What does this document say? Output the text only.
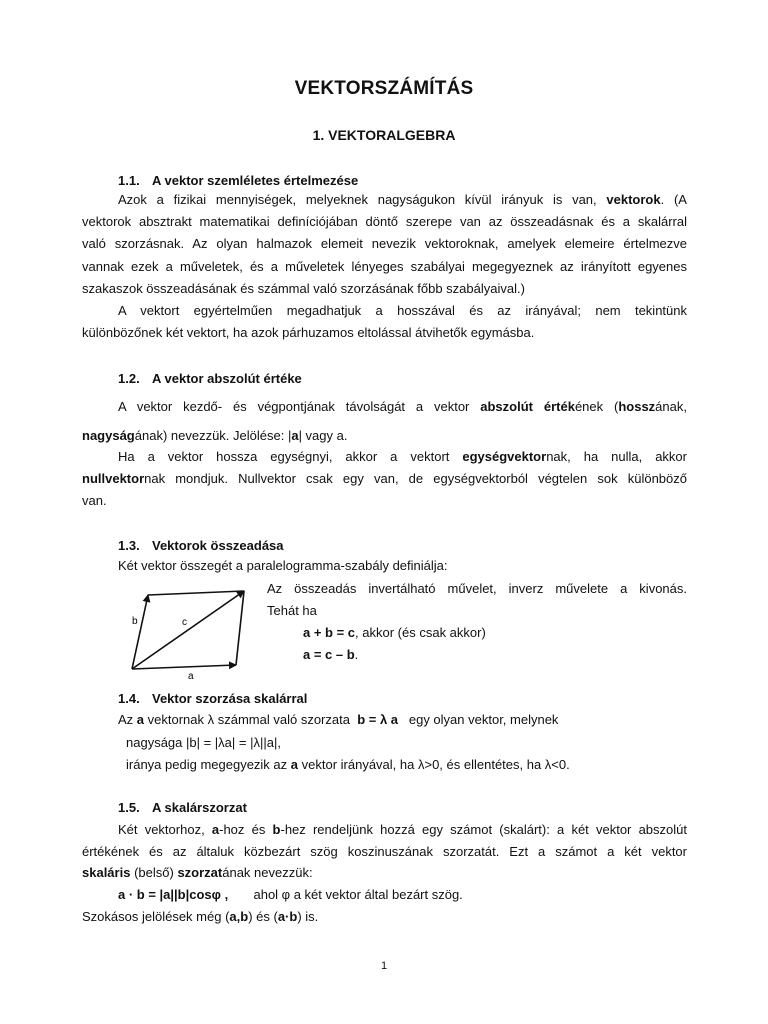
VEKTORSZÁMÍTÁS
1. VEKTORALGEBRA
1.1. A vektor szemléletes értelmezése
Azok a fizikai mennyiségek, melyeknek nagyságukon kívül irányuk is van, vektorok. (A
vektorok absztrakt matematikai definíciójában döntő szerepe van az összeadásnak és a skalárral
való szorzásnak. Az olyan halmazok elemeit nevezik vektoroknak, amelyek elemeire értelmezve
vannak ezek a műveletek, és a műveletek lényeges szabályai megegyeznek az irányított egyenes
szakaszok összeadásának és számmal való szorzásának főbb szabályaival.)
A vektort egyértelműen megadhatjuk a hosszával és az irányával; nem tekintünk
különbözőnek két vektort, ha azok párhuzamos eltolással átvihetők egymásba.
1.2. A vektor abszolút értéke
A vektor kezdő- és végpontjának távolságát a vektor abszolút értékének (hosszának,
nagyságának) nevezzük. Jelölése: |a| vagy a.
Ha a vektor hossza egységnyi, akkor a vektort egységvektornak, ha nulla, akkor
nullvektornak mondjuk. Nullvektor csak egy van, de egységvektorból végtelen sok különböző
van.
1.3. Vektorok összeadása
Két vektor összegét a paralelogramma-szabály definiálja:
a
b	c
Az összeadás invertálható művelet, inverz művelete a kivonás.
Tehát ha
a + b = c, akkor (és csak akkor)
a = c – b.
1.4. Vektor szorzása skalárral
Az a vektornak λ számmal való szorzata b = λ a egy olyan vektor, melynek
nagysága |b| = |λa| = |λ||a|,
iránya pedig megegyezik az a vektor irányával, ha λ>0, és ellentétes, ha λ<0.
1.5. A skalárszorzat
Két vektorhoz, a-hoz és b-hez rendeljünk hozzá egy számot (skalárt): a két vektor abszolút
értékének és az általuk közbezárt szög koszinuszának szorzatát. Ezt a számot a két vektor
skaláris (belső) szorzatának nevezzük:
a · b = |a||b|cosφ , ahol φ a két vektor által bezárt szög.
Szokásos jelölések még (a,b) és (a·b) is.
1
